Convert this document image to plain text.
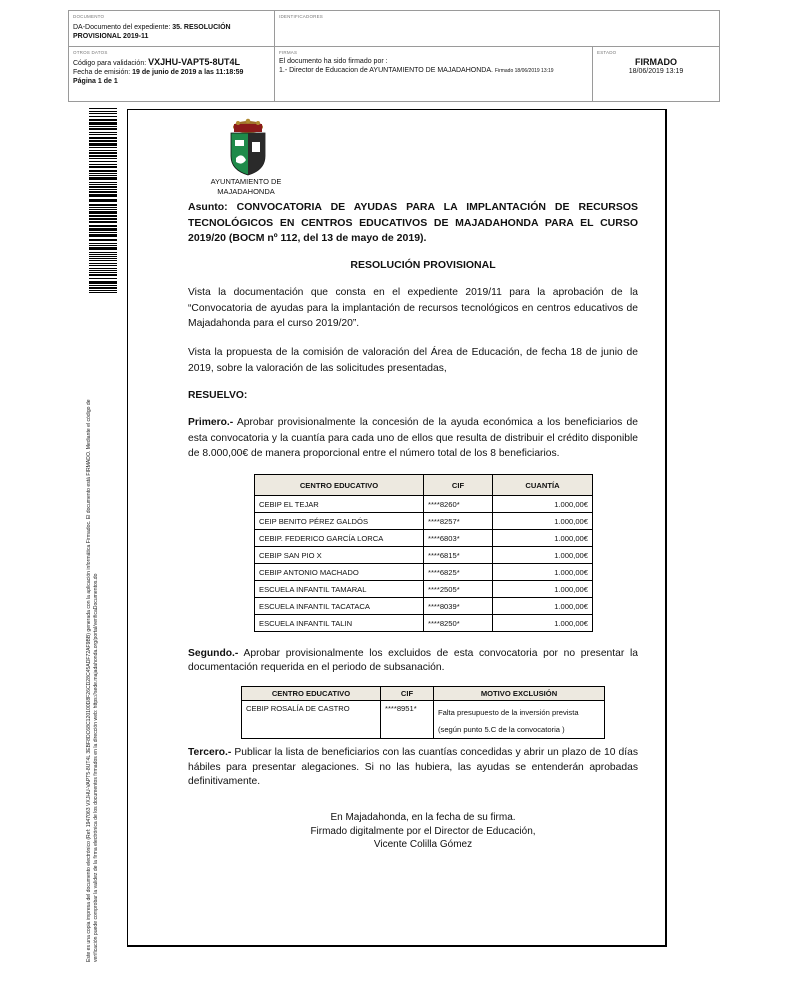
DOCUMENTO
DA-Documento del expediente: 35. RESOLUCIÓN PROVISIONAL 2019-11
IDENTIFICADORES
OTROS DATOS
Código para validación: VXJHU-VAPT5-8UT4L
Fecha de emisión: 19 de junio de 2019 a las 11:18:59
Página 1 de 1
FIRMAS
El documento ha sido firmado por :
1.- Director de Educacion de AYUNTAMIENTO DE MAJADAHONDA. Firmado 18/06/2019 13:19
ESTADO
FIRMADO
18/06/2019 13:19
Este es una copia impresa del documento electrónico (Ref: 1947063 VXJHU-VAPT5-8UT4L 3EBF8DC68C120100D8F26CD28C45ADF72AF9BB) generada con la aplicación informática Firmadoc. El documento está FIRMADO. Mediante el código de verificación puede comprobar la validez de la firma electrónica de los documentos firmados en la dirección web: https://sede.majadahonda.org/portal/verificaDocumentos.do
AYUNTAMIENTO DE
MAJADAHONDA
Asunto: CONVOCATORIA DE AYUDAS PARA LA IMPLANTACIÓN DE RECURSOS TECNOLÓGICOS EN CENTROS EDUCATIVOS DE MAJADAHONDA PARA EL CURSO 2019/20 (BOCM nº 112, del 13 de mayo de 2019).
RESOLUCIÓN PROVISIONAL
Vista la documentación que consta en el expediente 2019/11 para la aprobación de la “Convocatoria de ayudas para la implantación de recursos tecnológicos en centros educativos de Majadahonda para el curso 2019/20”.
Vista la propuesta de la comisión de valoración del Área de Educación, de fecha 18 de junio de 2019, sobre la valoración de las solicitudes presentadas,
RESUELVO:
Primero.- Aprobar provisionalmente la concesión de la ayuda económica a los beneficiarios de esta convocatoria y la cuantía para cada uno de ellos que resulta de distribuir el crédito disponible de 8.000,00€ de manera proporcional entre el número total de los 8 beneficiarios.
CENTRO EDUCATIVO	CIF	CUANTÍA
CEBIP EL TEJAR	****8260*	1.000,00€
CEIP BENITO PÉREZ GALDÓS	****8257*	1.000,00€
CEBIP. FEDERICO GARCÍA LORCA	****6803*	1.000,00€
CEBIP SAN PIO X	****6815*	1.000,00€
CEBIP ANTONIO MACHADO	****6825*	1.000,00€
ESCUELA INFANTIL TAMARAL	****2505*	1.000,00€
ESCUELA INFANTIL TACATACA	****8039*	1.000,00€
ESCUELA INFANTIL TALIN	****8250*	1.000,00€
Segundo.- Aprobar provisionalmente los excluidos de esta convocatoria por no presentar la documentación requerida en el periodo de subsanación.
CENTRO EDUCATIVO	CIF	MOTIVO EXCLUSIÓN
CEBIP ROSALÍA DE CASTRO	****8951*	Falta presupuesto de la inversión prevista
(según punto 5.C de la convocatoria )
Tercero.- Publicar la lista de beneficiarios con las cuantías concedidas y abrir un plazo de 10 días hábiles para presentar alegaciones. Si no las hubiera, las ayudas se entenderán aprobadas definitivamente.
En Majadahonda, en la fecha de su firma.
Firmado digitalmente por el Director de Educación,
Vicente Colilla Gómez
